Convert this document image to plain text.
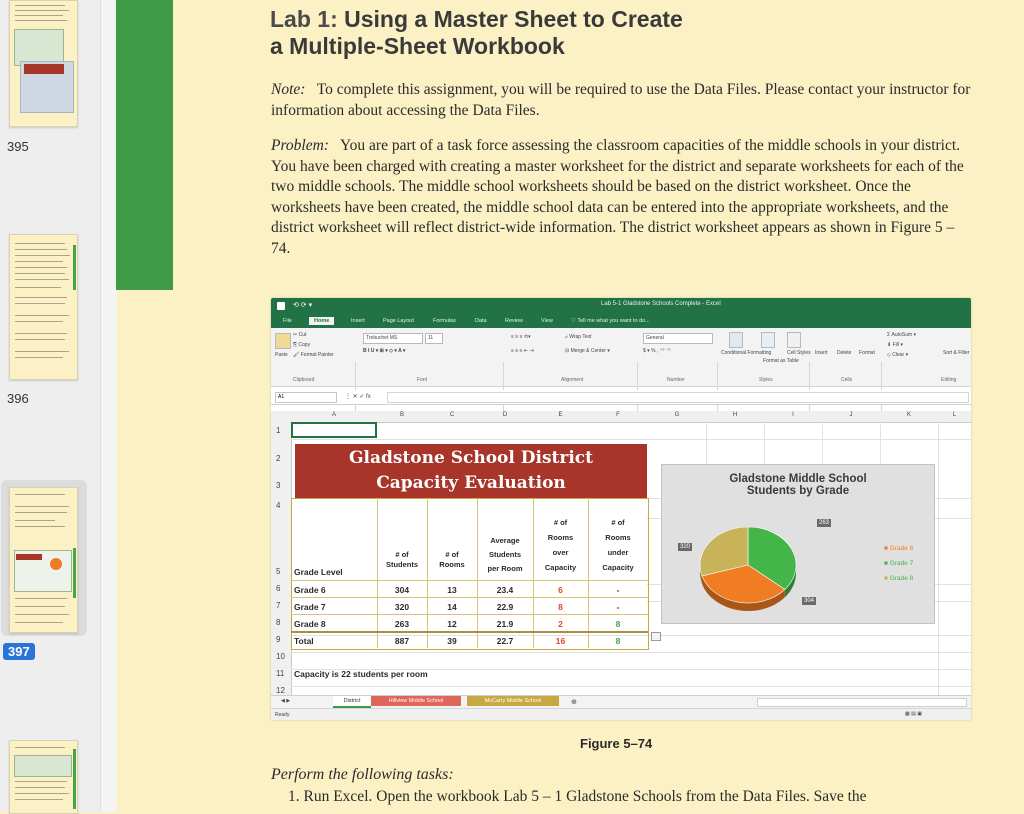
395
396
397
Lab 1: Using a Master Sheet to Create
a Multiple-Sheet Workbook

Note: To complete this assignment, you will be required to use the Data Files. Please contact your instructor for information about accessing the Data Files.

Problem: You are part of a task force assessing the classroom capacities of the middle schools in your district. You have been charged with creating a master worksheet for the district and separate worksheets for each of the two middle schools. The middle school worksheets should be based on the district worksheet. Once the worksheets have been created, the middle school data can be entered into the appropriate worksheets, and the district worksheet will reflect district-wide information. The district worksheet appears as shown in Figure 5 – 74.

⟲ ⟳ ▾	Lab 5-1 Gladstone Schools Complete - Excel
File	Home	Insert	Page Layout	Formulas	Data	Review	View	♡ Tell me what you want to do...
Paste
✂ Cut
⎘ Copy
🖌 Format Painter
Trebuchet MS	11
B I U ▾ ⊞ ▾ ◇ ▾ A ▾
≡ ≡ ≡ ⟲▾
≡ ≡ ≡ ⇤ ⇥
⤶ Wrap Text
⊟ Merge & Center ▾
General
$ ▾ % , ⁺⁰ ⁻⁰	Conditional Formatting
Format as Table
Cell Styles Insert Delete Format
Σ AutoSum ▾
⬇ Fill ▾
◇ Clear ▾	Sort & Filter
Clipboard	Font	Alignment	Number	Styles	Cells	Editing
A1	⋮ ✕ ✓ fx
A	B	C	D	E	F	G	H	I	J	K	L
1
2
3
4
5
6
7
8
9
10
11
12
Gladstone School District
Capacity Evaluation
Grade Level
# of
Students
# of
Rooms
Average
Students
per Room
# of
Rooms
over
Capacity
# of
Rooms
under
Capacity
Grade 6	304	13	23.4	6	-
Grade 7	320	14	22.9	8	-
Grade 8	263	12	21.9	2	8
Total	887	39	22.7	16	8
Capacity is 22 students per room
Gladstone Middle School
Students by Grade
320
263
304
■ Grade 6
■ Grade 7
■ Grade 8
◀ ▶	District	Hillview Middle School	McCarty Middle School	⊕
Ready	▦ ▤ ▣
Figure 5–74
Perform the following tasks:
1. Run Excel. Open the workbook Lab 5 – 1 Gladstone Schools from the Data Files. Save the
